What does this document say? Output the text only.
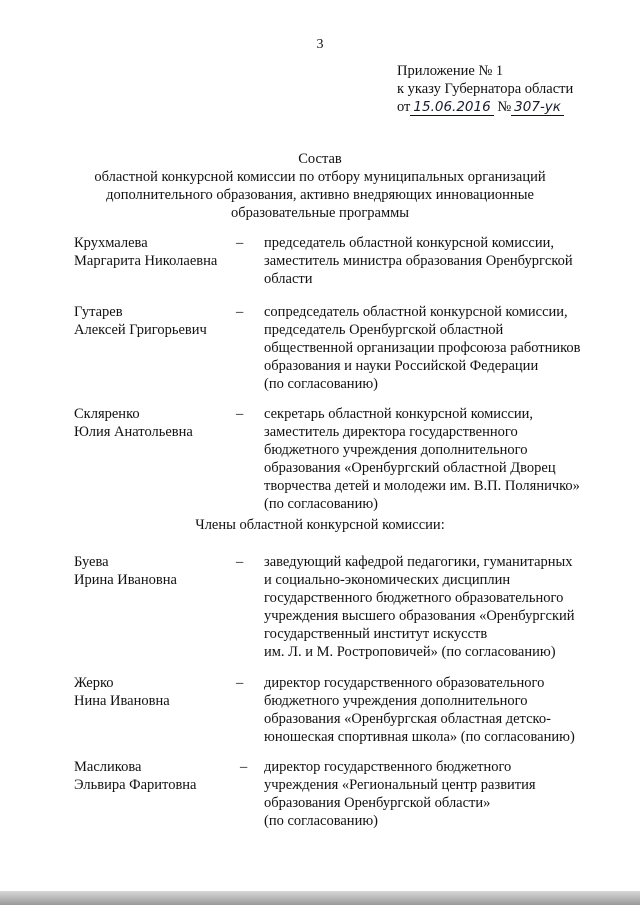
3
Приложение № 1
к указу Губернатора области
от 15.06.2016 № 307-ук
Состав
областной конкурсной комиссии по отбору муниципальных организаций
дополнительного образования, активно внедряющих инновационные
образовательные программы
Крухмалева
Маргарита Николаевна
– председатель областной конкурсной комиссии,
заместитель министра образования Оренбургской
области
Гутарев
Алексей Григорьевич
– сопредседатель областной конкурсной комиссии,
председатель Оренбургской областной
общественной организации профсоюза работников
образования и науки Российской Федерации
(по согласованию)
Скляренко
Юлия Анатольевна
– секретарь областной конкурсной комиссии,
заместитель директора государственного
бюджетного учреждения дополнительного
образования «Оренбургский областной Дворец
творчества детей и молодежи им. В.П. Поляничко»
(по согласованию)
Члены областной конкурсной комиссии:
Буева
Ирина Ивановна
– заведующий кафедрой педагогики, гуманитарных
и социально-экономических дисциплин
государственного бюджетного образовательного
учреждения высшего образования «Оренбургский
государственный институт искусств
им. Л. и М. Ростроповичей» (по согласованию)
Жерко
Нина Ивановна
– директор государственного образовательного
бюджетного учреждения дополнительного
образования «Оренбургская областная детско-
юношеская спортивная школа» (по согласованию)
Масликова
Эльвира Фаритовна
– директор государственного бюджетного
учреждения «Региональный центр развития
образования Оренбургской области»
(по согласованию)
